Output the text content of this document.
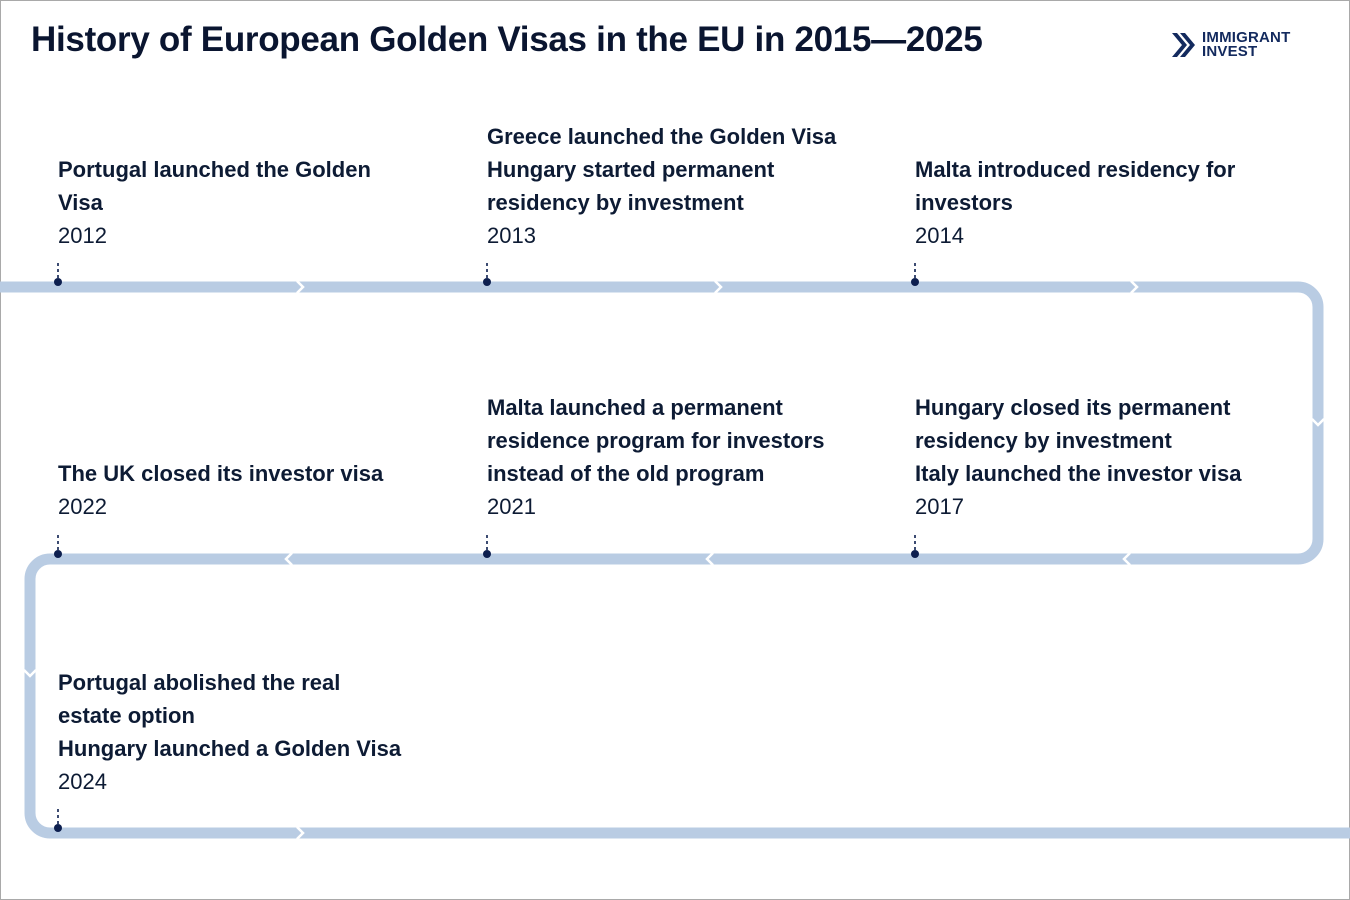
History of European Golden Visas in the EU in 2015—2025	IMMIGRANT
INVEST
Portugal launched the Golden
Visa
2012
Greece launched the Golden Visa
Hungary started permanent
residency by investment
2013
Malta introduced residency for
investors
2014
Hungary closed its permanent
residency by investment
Italy launched the investor visa
2017
Malta launched a permanent
residence program for investors
instead of the old program
2021
The UK closed its investor visa
2022
Portugal abolished the real
estate option
Hungary launched a Golden Visa
2024
